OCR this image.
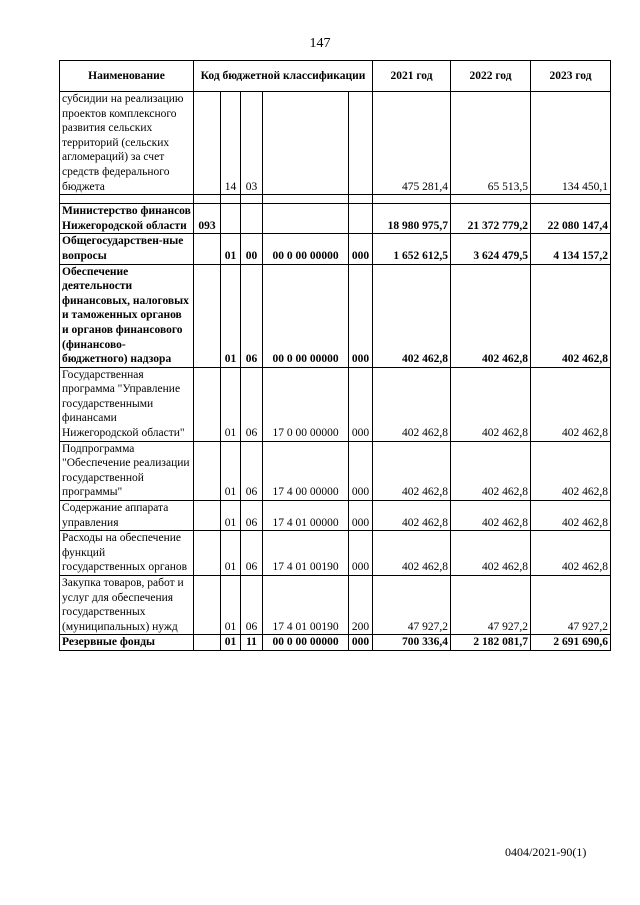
147
Наименование	Код бюджетной классификации					2021 год	2022 год	2023 год
субсидии на реализацию проектов комплексного развития сельских территорий (сельских агломераций) за счет средств федерального бюджета		14	03			475 281,4	65 513,5	134 450,1

Министерство финансов Нижегородской области	093					18 980 975,7	21 372 779,2	22 080 147,4
Общегосударствен-ные вопросы		01	00	00 0 00 00000	000	1 652 612,5	3 624 479,5	4 134 157,2
Обеспечение деятельности финансовых, налоговых и таможенных органов и органов финансового (финансово-бюджетного) надзора		01	06	00 0 00 00000	000	402 462,8	402 462,8	402 462,8
Государственная программа "Управление государственными финансами Нижегородской области"		01	06	17 0 00 00000	000	402 462,8	402 462,8	402 462,8
Подпрограмма "Обеспечение реализации государственной программы"		01	06	17 4 00 00000	000	402 462,8	402 462,8	402 462,8
Содержание аппарата управления		01	06	17 4 01 00000	000	402 462,8	402 462,8	402 462,8
Расходы на обеспечение функций государственных органов		01	06	17 4 01 00190	000	402 462,8	402 462,8	402 462,8
Закупка товаров, работ и услуг для обеспечения государственных (муниципальных) нужд		01	06	17 4 01 00190	200	47 927,2	47 927,2	47 927,2
Резервные фонды		01	11	00 0 00 00000	000	700 336,4	2 182 081,7	2 691 690,6
0404/2021-90(1)
